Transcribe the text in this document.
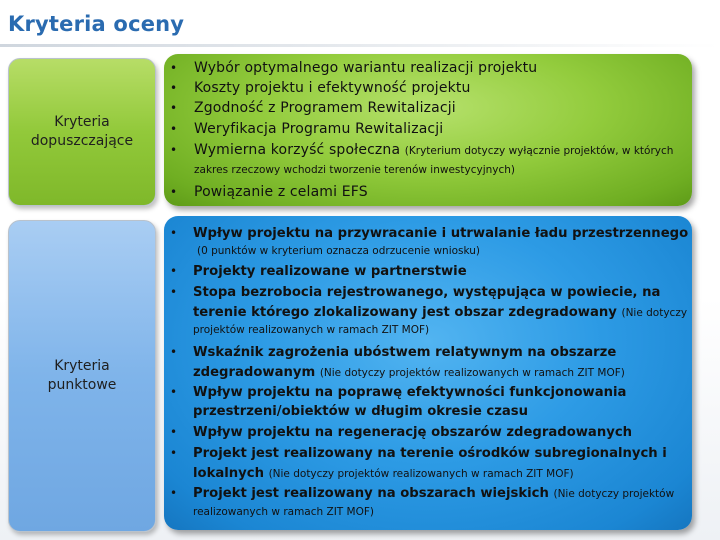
Kryteria oceny
Kryteria
dopuszczające
• Wybór optymalnego wariantu realizacji projektu
• Koszty projektu i efektywność projektu
• Zgodność z Programem Rewitalizacji
• Weryfikacja Programu Rewitalizacji
• Wymierna korzyść społeczna (Kryterium dotyczy wyłącznie projektów, w których
zakres rzeczowy wchodzi tworzenie terenów inwestycyjnych)
• Powiązanie z celami EFS
Kryteria
punktowe
• Wpływ projektu na przywracanie i utrwalanie ładu przestrzennego
(0 punktów w kryterium oznacza odrzucenie wniosku)
• Projekty realizowane w partnerstwie
• Stopa bezrobocia rejestrowanego, występująca w powiecie, na
terenie którego zlokalizowany jest obszar zdegradowany (Nie dotyczy
projektów realizowanych w ramach ZIT MOF)
• Wskaźnik zagrożenia ubóstwem relatywnym na obszarze
zdegradowanym (Nie dotyczy projektów realizowanych w ramach ZIT MOF)
• Wpływ projektu na poprawę efektywności funkcjonowania
przestrzeni/obiektów w długim okresie czasu
• Wpływ projektu na regenerację obszarów zdegradowanych
• Projekt jest realizowany na terenie ośrodków subregionalnych i
lokalnych (Nie dotyczy projektów realizowanych w ramach ZIT MOF)
• Projekt jest realizowany na obszarach wiejskich (Nie dotyczy projektów
realizowanych w ramach ZIT MOF)
